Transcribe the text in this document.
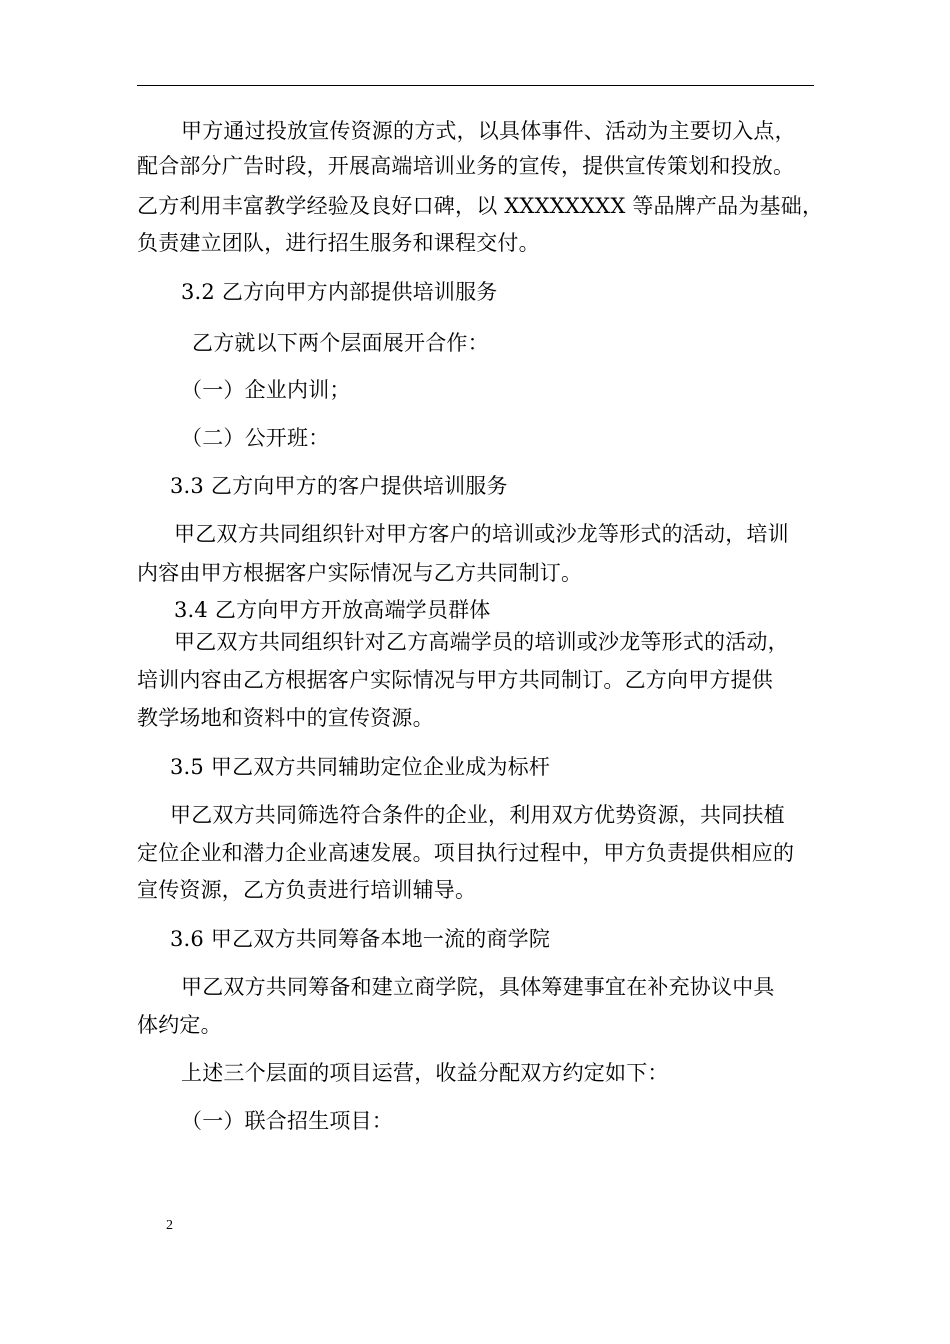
甲方通过投放宣传资源的方式，以具体事件、活动为主要切入点，
配合部分广告时段，开展高端培训业务的宣传，提供宣传策划和投放。
乙方利用丰富教学经验及良好口碑，以 XXXXXXXX 等品牌产品为基础，
负责建立团队，进行招生服务和课程交付。
3.2 乙方向甲方内部提供培训服务
乙方就以下两个层面展开合作：
（一）企业内训；
（二）公开班：
3.3 乙方向甲方的客户提供培训服务
甲乙双方共同组织针对甲方客户的培训或沙龙等形式的活动，培训
内容由甲方根据客户实际情况与乙方共同制订。
3.4 乙方向甲方开放高端学员群体
甲乙双方共同组织针对乙方高端学员的培训或沙龙等形式的活动，
培训内容由乙方根据客户实际情况与甲方共同制订。乙方向甲方提供
教学场地和资料中的宣传资源。
3.5 甲乙双方共同辅助定位企业成为标杆
甲乙双方共同筛选符合条件的企业，利用双方优势资源，共同扶植
定位企业和潜力企业高速发展。项目执行过程中，甲方负责提供相应的
宣传资源，乙方负责进行培训辅导。
3.6 甲乙双方共同筹备本地一流的商学院
甲乙双方共同筹备和建立商学院，具体筹建事宜在补充协议中具
体约定。
上述三个层面的项目运营，收益分配双方约定如下：
（一）联合招生项目：
2
